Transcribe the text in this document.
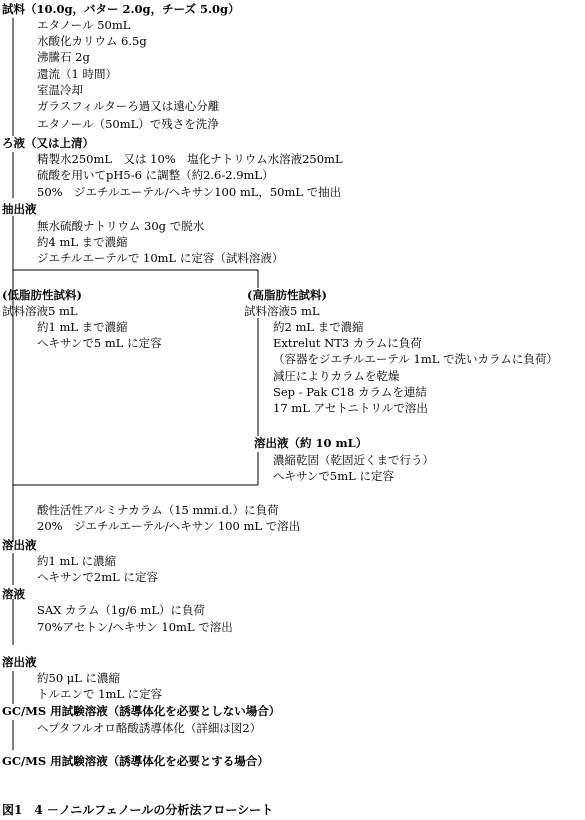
試料（10.0g，バター 2.0g，チーズ 5.0g）
エタノール 50mL
水酸化カリウム 6.5g
沸騰石 2g
還流（1 時間）
室温冷却
ガラスフィルターろ過又は遠心分離
エタノール（50mL）で残さを洗浄
ろ液（又は上清）
精製水250mL　又は 10%　塩化ナトリウム水溶液250mL
硫酸を用いてpH5-6 に調整（約2.6-2.9mL）
50%　ジエチルエーテル/ヘキサン100 mL，50mL で抽出
抽出液
無水硫酸ナトリウム 30g で脱水
約4 mL まで濃縮
ジエチルエーテルで 10mL に定容（試料溶液）
(低脂肪性試料)
試料溶液5 mL
約1 mL まで濃縮
ヘキサンで5 mL に定容
(高脂肪性試料)
試料溶液5 mL
約2 mL まで濃縮
Extrelut NT3 カラムに負荷
（容器をジエチルエーテル 1mL で洗いカラムに負荷）
減圧によりカラムを乾燥
Sep - Pak C18 カラムを連結
17 mL アセトニトリルで溶出
溶出液（約 10 mL）
濃縮乾固（乾固近くまで行う）
ヘキサンで5mL に定容
酸性活性アルミナカラム（15 mmi.d.）に負荷
20%　ジエチルエーテル/ヘキサン 100 mL で溶出
溶出液
約1 mL に濃縮
ヘキサンで2mL に定容
溶液
SAX カラム（1g/6 mL）に負荷
70%アセトン/ヘキサン 10mL で溶出
溶出液
約50 μL に濃縮
トルエンで 1mL に定容
GC/MS 用試験溶液（誘導体化を必要としない場合）
ヘプタフルオロ酪酸誘導体化（詳細は図2）
GC/MS 用試験溶液（誘導体化を必要とする場合）
図1　4 －ノニルフェノールの分析法フローシート
